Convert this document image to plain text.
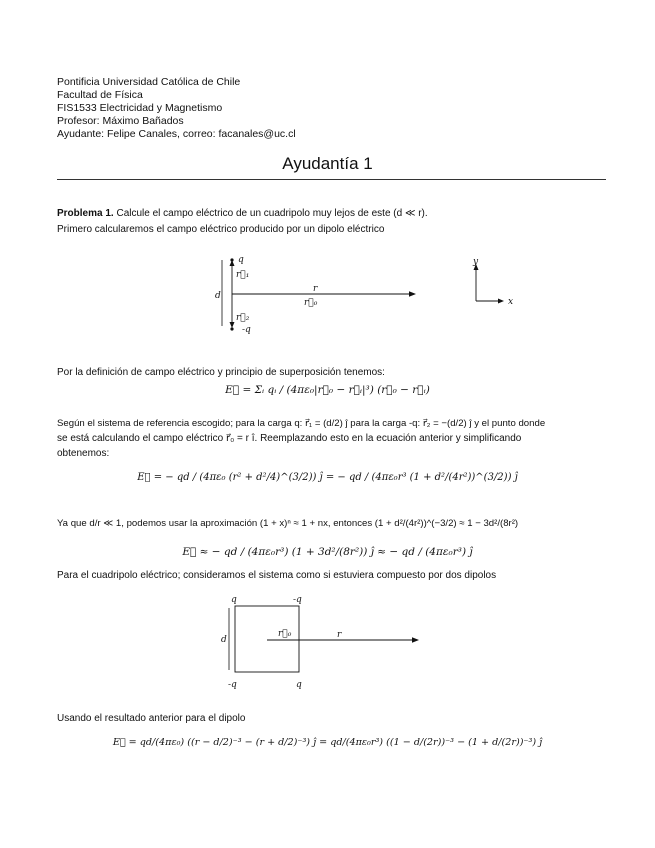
Pontificia Universidad Católica de Chile
Facultad de Física
FIS1533 Electricidad y Magnetismo
Profesor: Máximo Bañados
Ayudante: Felipe Canales, correo: facanales@uc.cl
Ayudantía 1
Problema 1. Calcule el campo eléctrico de un cuadripolo muy lejos de este (d ≪ r).
Primero calcularemos el campo eléctrico producido por un dipolo eléctrico
q
r⃗₁
d
r⃗₂
-q
r
r⃗₀
y
x
Por la definición de campo eléctrico y principio de superposición tenemos:
E⃗ = Σᵢ qᵢ / (4πε₀|r⃗₀ − r⃗ᵢ|³) (r⃗₀ − r⃗ᵢ)
Según el sistema de referencia escogido; para la carga q: r⃗₁ = (d/2) ĵ para la carga -q: r⃗₂ = −(d/2) ĵ y el punto donde
se está calculando el campo eléctrico r⃗₀ = r î. Reemplazando esto en la ecuación anterior y simplificando
obtenemos:
E⃗ = − qd / (4πε₀ (r² + d²/4)^(3/2)) ĵ = − qd / (4πε₀r³ (1 + d²/(4r²))^(3/2)) ĵ
Ya que d/r ≪ 1, podemos usar la aproximación (1 + x)ⁿ ≈ 1 + nx, entonces (1 + d²/(4r²))^(−3/2) ≈ 1 − 3d²/(8r²)
E⃗ ≈ − qd / (4πε₀r³) (1 + 3d²/(8r²)) ĵ ≈ − qd / (4πε₀r³) ĵ
Para el cuadripolo eléctrico; consideramos el sistema como si estuviera compuesto por dos dipolos
q	-q
d
r⃗₀	r
-q	q
Usando el resultado anterior para el dipolo
E⃗ = qd/(4πε₀) ((r − d/2)⁻³ − (r + d/2)⁻³) ĵ = qd/(4πε₀r³) ((1 − d/(2r))⁻³ − (1 + d/(2r))⁻³) ĵ
